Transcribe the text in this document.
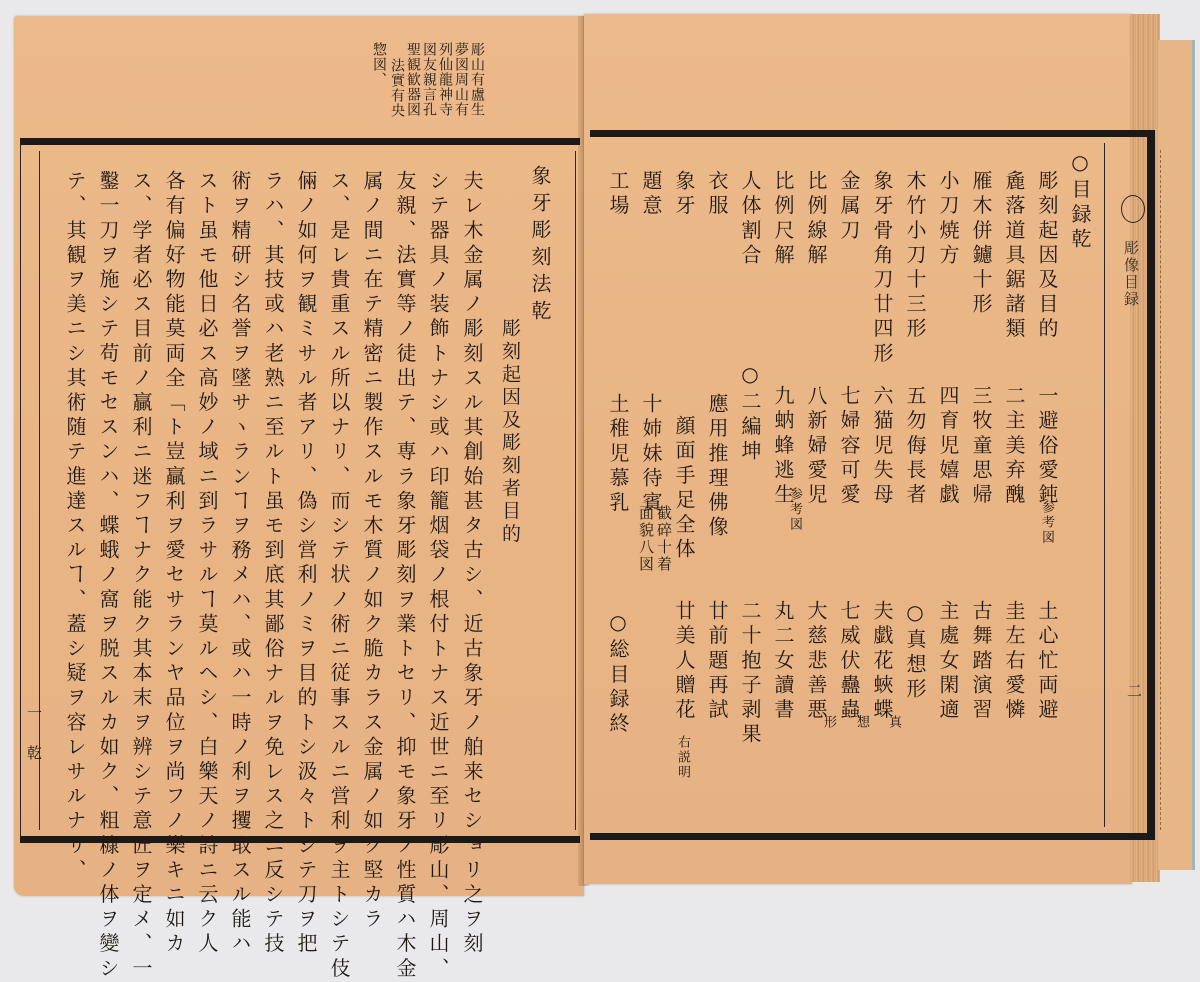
彫山有盧生
夢図周山有
列仙龍神寺
図友親言孔
聖観歓器図
法實有央
惣図、
象牙彫刻法乾
彫刻起因及彫刻者目的
夫レ木金属ノ彫刻スル其創始甚タ古シ、近古象牙ノ舶来セショリ之ヲ刻
シテ器具ノ装飾トナシ或ハ印籠烟袋ノ根付トナス近世ニ至リ彫山、周山、
友親、法實等ノ徒出テ、専ラ象牙彫刻ヲ業トセリ、抑モ象牙ノ性質ハ木金
属ノ間ニ在テ精密ニ製作スルモ木質ノ如ク脆カラス金属ノ如ク堅カラ
ス、是レ貴重スル所以ナリ、而シテ状ノ術ニ従事スルニ営利ヲ主トシテ伎
倆ノ如何ヲ観ミサル者アリ、偽シ営利ノミヲ目的トシ汲々トシテ刀ヲ把
ラハ、其技或ハ老熟ニ至ルト虽モ到底其鄙俗ナルヲ免レス之ニ反シテ技
術ヲ精研シ名誉ヲ墜サヽランヿヲ務メハ、或ハ一時ノ利ヲ攫取スル能ハ
スト虽モ他日必ス高妙ノ域ニ到ラサルヿ莫ルヘシ、白樂天ノ詩ニ云ク人
各有偏好物能莫両全「ト豈贏利ヲ愛セサランヤ品位ヲ尚フノ樂キニ如カ
ス、学者必ス目前ノ贏利ニ迷フヿナク能ク其本末ヲ辨シテ意匠ヲ定メ、一
鑿一刀ヲ施シテ苟モセスンハ、蝶蛾ノ窩ヲ脱スルカ如ク、粗糠ノ体ヲ變シ
テ、其観ヲ美ニシ其術随テ進達スルヿ、蓋シ疑ヲ容レサルナリ、
一
乾
○目録乾
彫刻起因及目的
麁落道具鋸諸類
雁木併鑢十形
小刀焼方
木竹小刀十三形
象牙骨角刀廿四形
金属刀
比例線解
比例尺解
人体割合
衣服
象牙
題意
工場
一避俗愛鈍
参考図
二主美弃醜
三牧童思帰
四育児嬉戯
五勿侮長者
六猫児失母
七婦容可愛
八新婦愛児
九蚋蜂逃生
参考図
○二編坤
應用推理佛像
顔面手足全体
十姉妹待賓
面貌八図 截碎十着
土稚児慕乳
土心忙両避
圭左右愛憐
古舞踏演習
主處女閑適
○真想形
夫戯花蛺蝶
真
七威伏蠱蟲
想
大慈悲善悪
形
丸二女讀書
二十抱子剥果
廿前題再試
廿美人贈花
右説明
○総目録終
彫像目録
二
